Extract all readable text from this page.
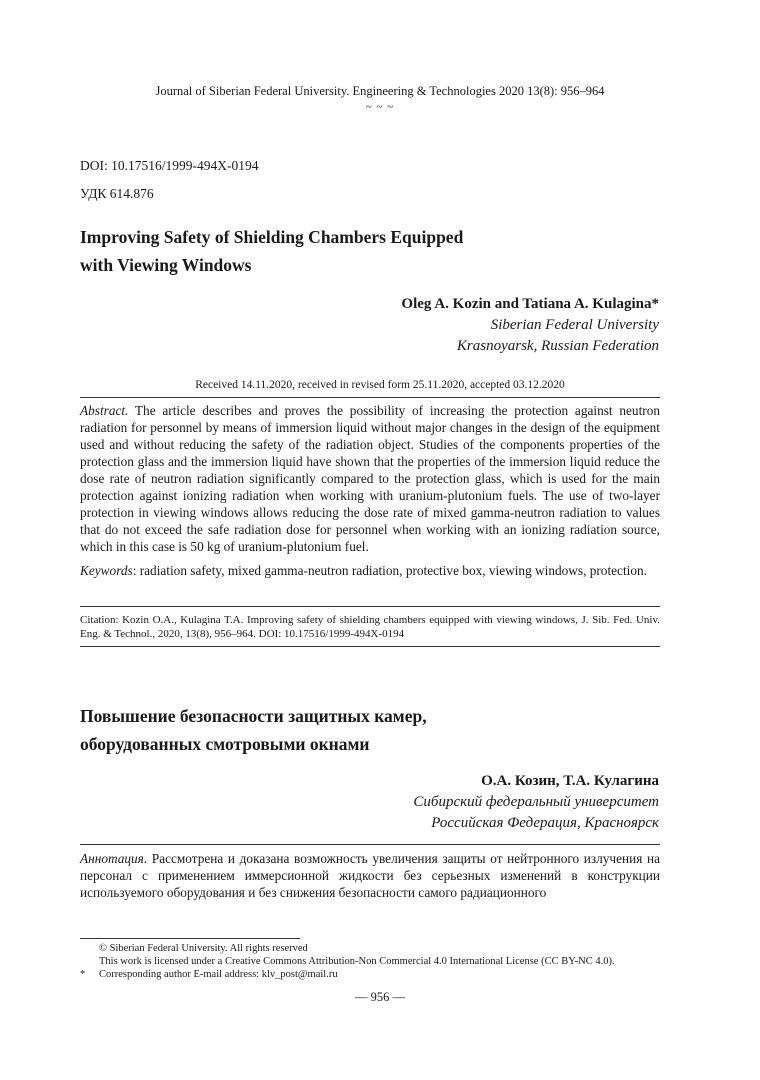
Journal of Siberian Federal University. Engineering & Technologies 2020 13(8): 956–964
~ ~ ~
DOI: 10.17516/1999-494X-0194
УДК 614.876
Improving Safety of Shielding Chambers Equipped
with Viewing Windows
Oleg A. Kozin and Tatiana A. Kulagina*
Siberian Federal University
Krasnoyarsk, Russian Federation
Received 14.11.2020, received in revised form 25.11.2020, accepted 03.12.2020
Abstract. The article describes and proves the possibility of increasing the protection against neutron radiation for personnel by means of immersion liquid without major changes in the design of the equipment used and without reducing the safety of the radiation object. Studies of the components properties of the protection glass and the immersion liquid have shown that the properties of the immersion liquid reduce the dose rate of neutron radiation significantly compared to the protection glass, which is used for the main protection against ionizing radiation when working with uranium-plutonium fuels. The use of two-layer protection in viewing windows allows reducing the dose rate of mixed gamma-neutron radiation to values that do not exceed the safe radiation dose for personnel when working with an ionizing radiation source, which in this case is 50 kg of uranium-plutonium fuel.
Keywords: radiation safety, mixed gamma-neutron radiation, protective box, viewing windows, protection.
Citation: Kozin O.A., Kulagina T.A. Improving safety of shielding chambers equipped with viewing windows, J. Sib. Fed. Univ. Eng. & Technol., 2020, 13(8), 956–964. DOI: 10.17516/1999-494X-0194
Повышение безопасности защитных камер,
оборудованных смотровыми окнами
О.А. Козин, Т.А. Кулагина
Сибирский федеральный университет
Российская Федерация, Красноярск
Аннотация. Рассмотрена и доказана возможность увеличения защиты от нейтронного излучения на персонал с применением иммерсионной жидкости без серьезных изменений в конструкции используемого оборудования и без снижения безопасности самого радиационного
© Siberian Federal University. All rights reserved
This work is licensed under a Creative Commons Attribution-Non Commercial 4.0 International License (CC BY-NC 4.0).
* Corresponding author E-mail address: klv_post@mail.ru
— 956 —
